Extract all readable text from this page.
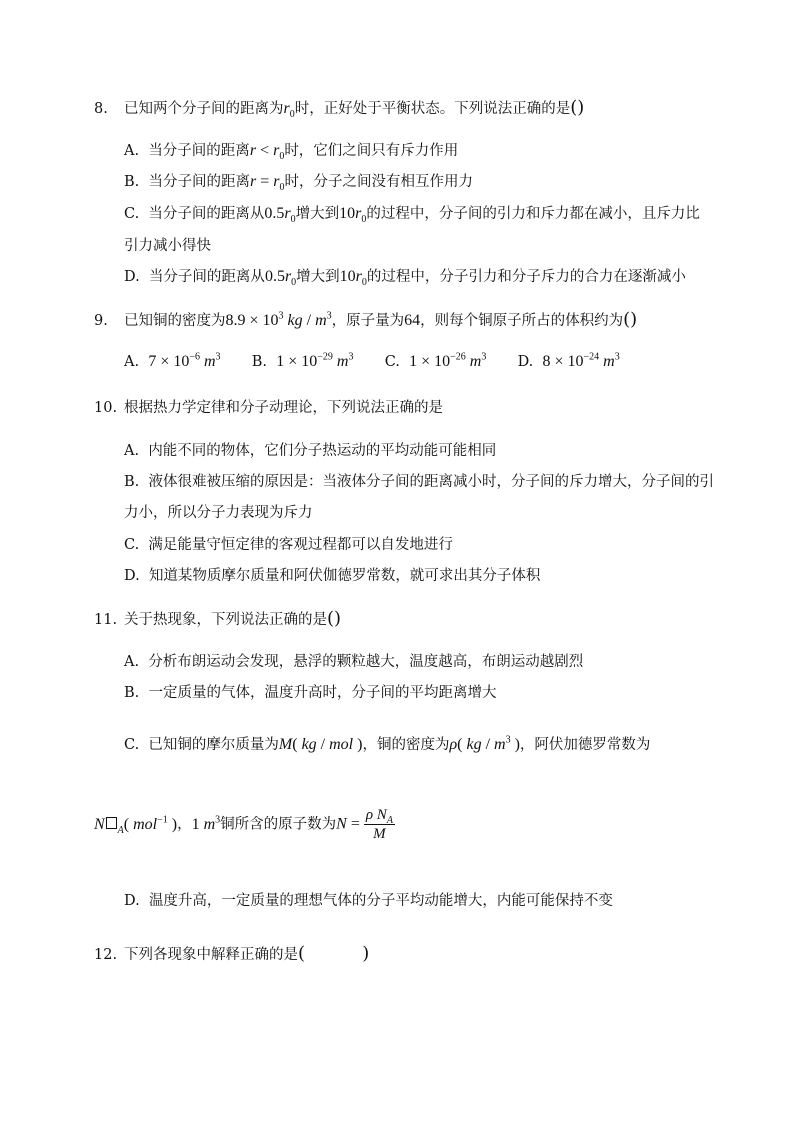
8. 已知两个分子间的距离为$r_0$时，正好处于平衡状态。下列说法正确的是()
A. 当分子间的距离$r < r_0$时，它们之间只有斥力作用
B. 当分子间的距离$r = r_0$时，分子之间没有相互作用力
C. 当分子间的距离从$0.5r_0$增大到$10r_0$的过程中，分子间的引力和斥力都在减小，且斥力比
引力减小得快
D. 当分子间的距离从$0.5r_0$增大到$10r_0$的过程中，分子引力和分子斥力的合力在逐渐减小
9. 已知铜的密度为$8.9 \times 10^3$ kg / $m^3$，原子量为64，则每个铜原子所占的体积约为()
A. $7 \times 10^{-6}$ $m^3$ B. $1 \times 10^{-29}$ $m^3$ C. $1 \times 10^{-26}$ $m^3$ D. $8 \times 10^{-24}$ $m^3$
10. 根据热力学定律和分子动理论，下列说法正确的是
A. 内能不同的物体，它们分子热运动的平均动能可能相同
B. 液体很难被压缩的原因是：当液体分子间的距离减小时，分子间的斥力增大，分子间的引
力小，所以分子力表现为斥力
C. 满足能量守恒定律的客观过程都可以自发地进行
D. 知道某物质摩尔质量和阿伏伽德罗常数，就可求出其分子体积
11. 关于热现象，下列说法正确的是()
A. 分析布朗运动会发现，悬浮的颗粒越大，温度越高，布朗运动越剧烈
B. 一定质量的气体，温度升高时，分子间的平均距离增大
C. 已知铜的摩尔质量为M( kg / mol )，铜的密度为ρ( kg / $m^3$ )，阿伏加德罗常数为
N $_A$( mol$^{-1}$ )，1 $m^3$铜所含的原子数为$N = \frac{\rho N_A}{M}$
D. 温度升高，一定质量的理想气体的分子平均动能增大，内能可能保持不变
12. 下列各现象中解释正确的是(          )
